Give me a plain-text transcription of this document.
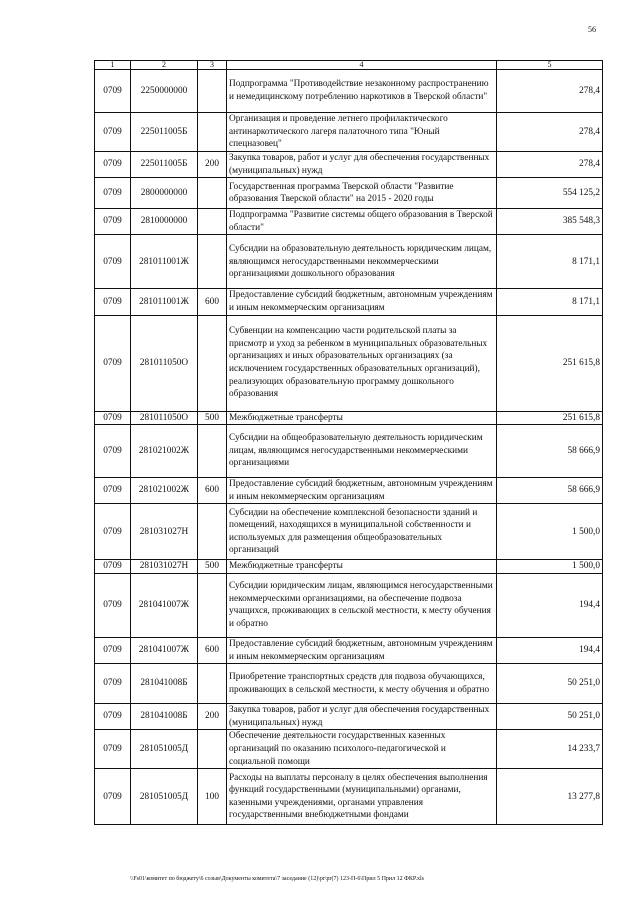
56
1	2	3	4	5
0709	2250000000		Подпрограмма "Противодействие незаконному распространению и немедицинскому потреблению наркотиков в Тверской области"	278,4
0709	225011005Б		Организация и проведение летнего профилактического антинаркотического лагеря палаточного типа "Юный спецназовец"	278,4
0709	225011005Б	200	Закупка товаров, работ и услуг для обеспечения государственных (муниципальных) нужд	278,4
0709	2800000000		Государственная программа Тверской области "Развитие образования Тверской области" на 2015 - 2020 годы	554 125,2
0709	2810000000		Подпрограмма "Развитие системы общего образования в Тверской области"	385 548,3
0709	281011001Ж		Субсидии на образовательную деятельность юридическим лицам, являющимся негосударственными некоммерческими организациями дошкольного образования	8 171,1
0709	281011001Ж	600	Предоставление субсидий бюджетным, автономным учреждениям и иным некоммерческим организациям	8 171,1
0709	281011050О		Субвенции на компенсацию части родительской платы за присмотр и уход за ребенком в муниципальных образовательных организациях и иных образовательных организациях (за исключением государственных образовательных организаций), реализующих образовательную программу дошкольного образования	251 615,8
0709	281011050О	500	Межбюджетные трансферты	251 615,8
0709	281021002Ж		Субсидии на общеобразовательную деятельность юридическим лицам, являющимся негосударственными некоммерческими организациями	58 666,9
0709	281021002Ж	600	Предоставление субсидий бюджетным, автономным учреждениям и иным некоммерческим организациям	58 666,9
0709	281031027Н		Субсидии на обеспечение комплексной безопасности зданий и помещений, находящихся в муниципальной собственности и используемых для размещения общеобразовательных организаций	1 500,0
0709	281031027Н	500	Межбюджетные трансферты	1 500,0
0709	281041007Ж		Субсидии юридическим лицам, являющимся негосударственными некоммерческими организациями, на обеспечение подвоза учащихся, проживающих в сельской местности, к месту обучения и обратно	194,4
0709	281041007Ж	600	Предоставление субсидий бюджетным, автономным учреждениям и иным некоммерческим организациям	194,4
0709	281041008Б		Приобретение транспортных средств для подвоза обучающихся, проживающих в сельской местности, к месту обучения и обратно	50 251,0
0709	281041008Б	200	Закупка товаров, работ и услуг для обеспечения государственных (муниципальных) нужд	50 251,0
0709	281051005Д		Обеспечение деятельности государственных казенных организаций по оказанию психолого-педагогической и социальной помощи	14 233,7
0709	281051005Д	100	Расходы на выплаты персоналу в целях обеспечения выполнения функций государственными (муниципальными) органами, казенными учреждениями, органами управления государственными внебюджетными фондами	13 277,8
\\Fs01\комитет по бюджету\6 созыв\Документы комитета\7 заседание (12)\pr\pr(7) 123-П-6\Прил 5 Прил 12 ФКР.xls
